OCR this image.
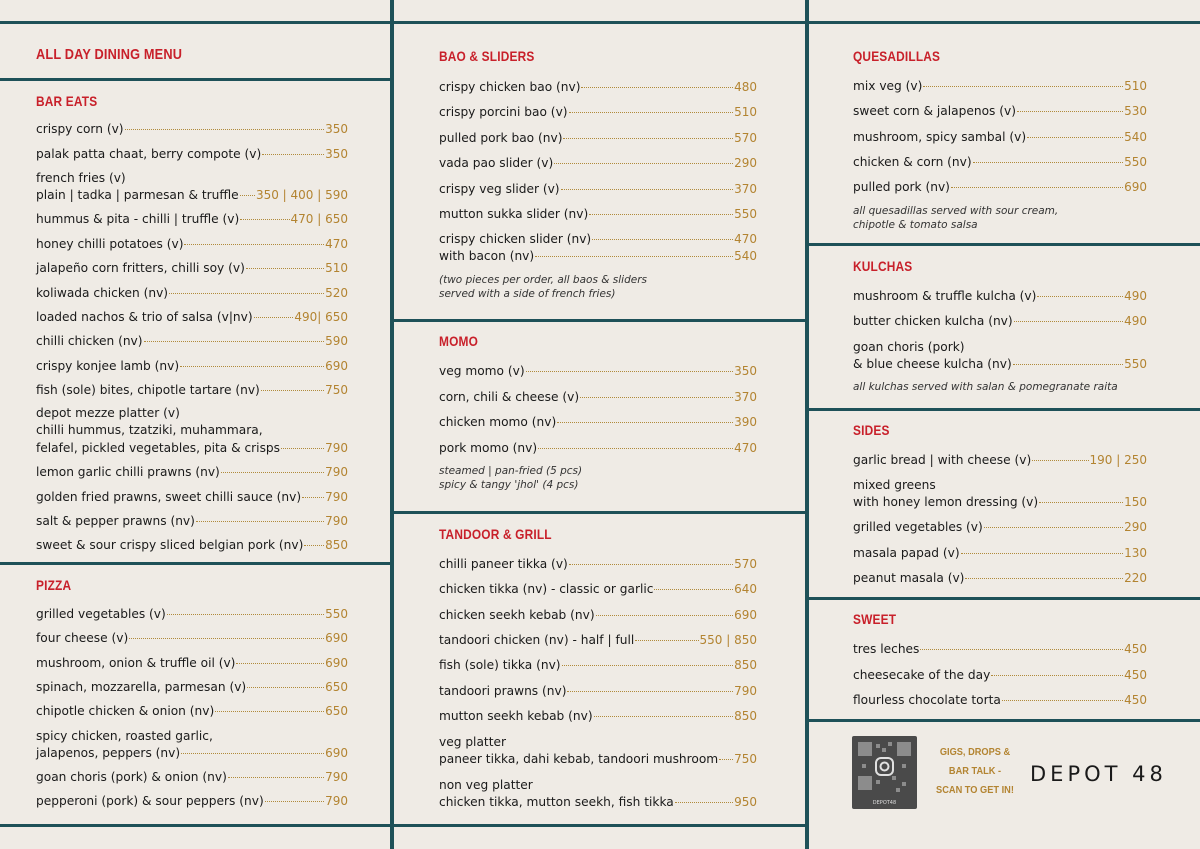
ALL DAY DINING MENU
BAR EATS
crispy corn (v)	350
palak patta chaat, berry compote (v)	350
french fries (v)
plain | tadka | parmesan & truffle 350 | 400 | 590
hummus & pita - chilli | truffle (v)	470 | 650
honey chilli potatoes (v)	470
jalapeño corn fritters, chilli soy (v)	510
koliwada chicken (nv)	520
loaded nachos & trio of salsa (v|nv)	490| 650
chilli chicken (nv)	590
crispy konjee lamb (nv)	690
fish (sole) bites, chipotle tartare (nv)	750
depot mezze platter (v)
chilli hummus, tzatziki, muhammara,
felafel, pickled vegetables, pita & crisps	790
lemon garlic chilli prawns (nv)	790
golden fried prawns, sweet chilli sauce (nv) 790
salt & pepper prawns (nv)	790
sweet & sour crispy sliced belgian pork (nv) 850
PIZZA
grilled vegetables (v)	550
four cheese (v)	690
mushroom, onion & truffle oil (v)	690
spinach, mozzarella, parmesan (v)	650
chipotle chicken & onion (nv)	650
spicy chicken, roasted garlic,
jalapenos, peppers (nv)	690
goan choris (pork) & onion (nv)	790
pepperoni (pork) & sour peppers (nv)	790
BAO & SLIDERS
crispy chicken bao (nv)	480
crispy porcini bao (v)	510
pulled pork bao (nv)	570
vada pao slider (v)	290
crispy veg slider (v)	370
mutton sukka slider (nv)	550
crispy chicken slider (nv)	470
with bacon (nv)	540
(two pieces per order, all baos & sliders
served with a side of french fries)
MOMO
veg momo (v)	350
corn, chili & cheese (v)	370
chicken momo (nv)	390
pork momo (nv)	470
steamed | pan-fried (5 pcs)
spicy & tangy 'jhol' (4 pcs)
TANDOOR & GRILL
chilli paneer tikka (v)	570
chicken tikka (nv) - classic or garlic	640
chicken seekh kebab (nv)	690
tandoori chicken (nv) - half | full	550 | 850
fish (sole) tikka (nv)	850
tandoori prawns (nv)	790
mutton seekh kebab (nv)	850
veg platter
paneer tikka, dahi kebab, tandoori mushroom 750
non veg platter
chicken tikka, mutton seekh, fish tikka	950
QUESADILLAS
mix veg (v)	510
sweet corn & jalapenos (v)	530
mushroom, spicy sambal (v)	540
chicken & corn (nv)	550
pulled pork (nv)	690
all quesadillas served with sour cream,
chipotle & tomato salsa
KULCHAS
mushroom & truffle kulcha (v)	490
butter chicken kulcha (nv)	490
goan choris (pork)
& blue cheese kulcha (nv)	550
all kulchas served with salan & pomegranate raita
SIDES
garlic bread | with cheese (v)	190 | 250
mixed greens
with honey lemon dressing (v)	150
grilled vegetables (v)	290
masala papad (v)	130
peanut masala (v)	220
SWEET
tres leches	450
cheesecake of the day	450
flourless chocolate torta	450
DEPOT48
GIGS, DROPS &
BAR TALK -
SCAN TO GET IN!
DEPOT 48
